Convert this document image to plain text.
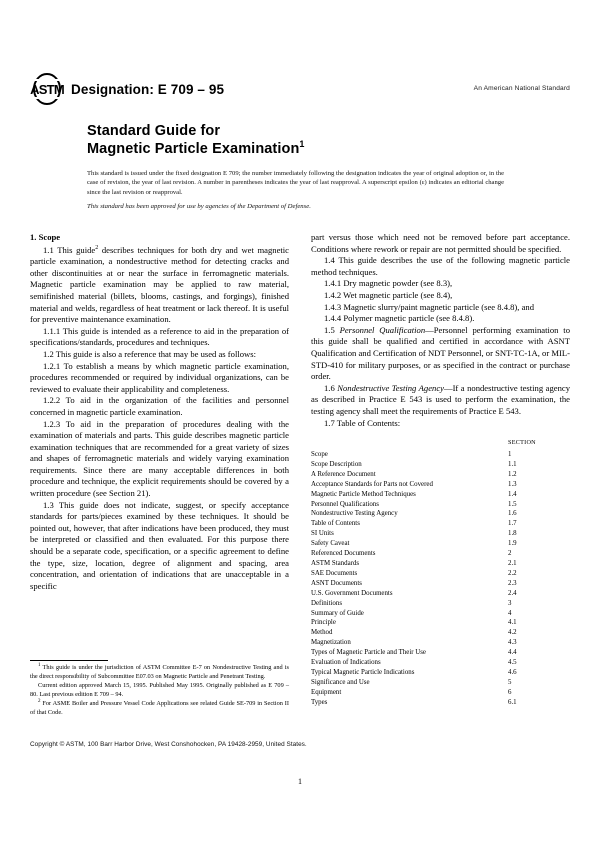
ASTM Designation: E 709 – 95	An American National Standard
Standard Guide for
Magnetic Particle Examination$^1$
This standard is issued under the fixed designation E 709; the number immediately following the designation indicates the year of original adoption or, in the case of revision, the year of last revision. A number in parentheses indicates the year of last reapproval. A superscript epsilon (ε) indicates an editorial change since the last revision or reapproval.
This standard has been approved for use by agencies of the Department of Defense.

1. Scope

1.1 This guide$^2$ describes techniques for both dry and wet magnetic particle examination, a nondestructive method for detecting cracks and other discontinuities at or near the surface in ferromagnetic materials. Magnetic particle examination may be applied to raw material, semifinished material (billets, blooms, castings, and forgings), finished material and welds, regardless of heat treatment or lack thereof. It is useful for preventive maintenance examination.

1.1.1 This guide is intended as a reference to aid in the preparation of specifications/standards, procedures and techniques.

1.2 This guide is also a reference that may be used as follows:

1.2.1 To establish a means by which magnetic particle examination, procedures recommended or required by individual organizations, can be reviewed to evaluate their applicability and completeness.

1.2.2 To aid in the organization of the facilities and personnel concerned in magnetic particle examination.

1.2.3 To aid in the preparation of procedures dealing with the examination of materials and parts. This guide describes magnetic particle examination techniques that are recommended for a great variety of sizes and shapes of ferromagnetic materials and widely varying examination requirements. Since there are many acceptable differences in both procedure and technique, the explicit requirements should be covered by a written procedure (see Section 21).

1.3 This guide does not indicate, suggest, or specify acceptance standards for parts/pieces examined by these techniques. It should be pointed out, however, that after indications have been produced, they must be interpreted or classified and then evaluated. For this purpose there should be a separate code, specification, or a specific agreement to define the type, size, location, degree of alignment and spacing, area concentration, and orientation of indications that are unacceptable in a specific

part versus those which need not be removed before part acceptance. Conditions where rework or repair are not permitted should be specified.

1.4 This guide describes the use of the following magnetic particle method techniques.

1.4.1 Dry magnetic powder (see 8.3),

1.4.2 Wet magnetic particle (see 8.4),

1.4.3 Magnetic slurry/paint magnetic particle (see 8.4.8), and

1.4.4 Polymer magnetic particle (see 8.4.8).

1.5 Personnel Qualification—Personnel performing examination to this guide shall be qualified and certified in accordance with ASNT Qualification and Certification of NDT Personnel, or SNT-TC-1A, or MIL-STD-410 for military purposes, or as specified in the contract or purchase order.

1.6 Nondestructive Testing Agency—If a nondestructive testing agency as described in Practice E 543 is used to perform the examination, the testing agency shall meet the requirements of Practice E 543.

1.7 Table of Contents:

	SECTION
Scope	1
Scope Description	1.1
A Reference Document	1.2
Acceptance Standards for Parts not Covered	1.3
Magnetic Particle Method Techniques	1.4
Personnel Qualifications	1.5
Nondestructive Testing Agency	1.6
Table of Contents	1.7
SI Units	1.8
Safety Caveat	1.9
Referenced Documents	2
ASTM Standards	2.1
SAE Documents	2.2
ASNT Documents	2.3
U.S. Government Documents	2.4
Definitions	3
Summary of Guide	4
Principle	4.1
Method	4.2
Magnetization	4.3
Types of Magnetic Particle and Their Use	4.4
Evaluation of Indications	4.5
Typical Magnetic Particle Indications	4.6
Significance and Use	5
Equipment	6
Types	6.1

$^1$ This guide is under the jurisdiction of ASTM Committee E-7 on Nondestructive Testing and is the direct responsibility of Subcommittee E07.03 on Magnetic Particle and Penetrant Testing.

Current edition approved March 15, 1995. Published May 1995. Originally published as E 709 – 80. Last previous edition E 709 – 94.

$^2$ For ASME Boiler and Pressure Vessel Code Applications see related Guide SE-709 in Section II of that Code.

Copyright © ASTM, 100 Barr Harbor Drive, West Conshohocken, PA 19428-2959, United States.
1
